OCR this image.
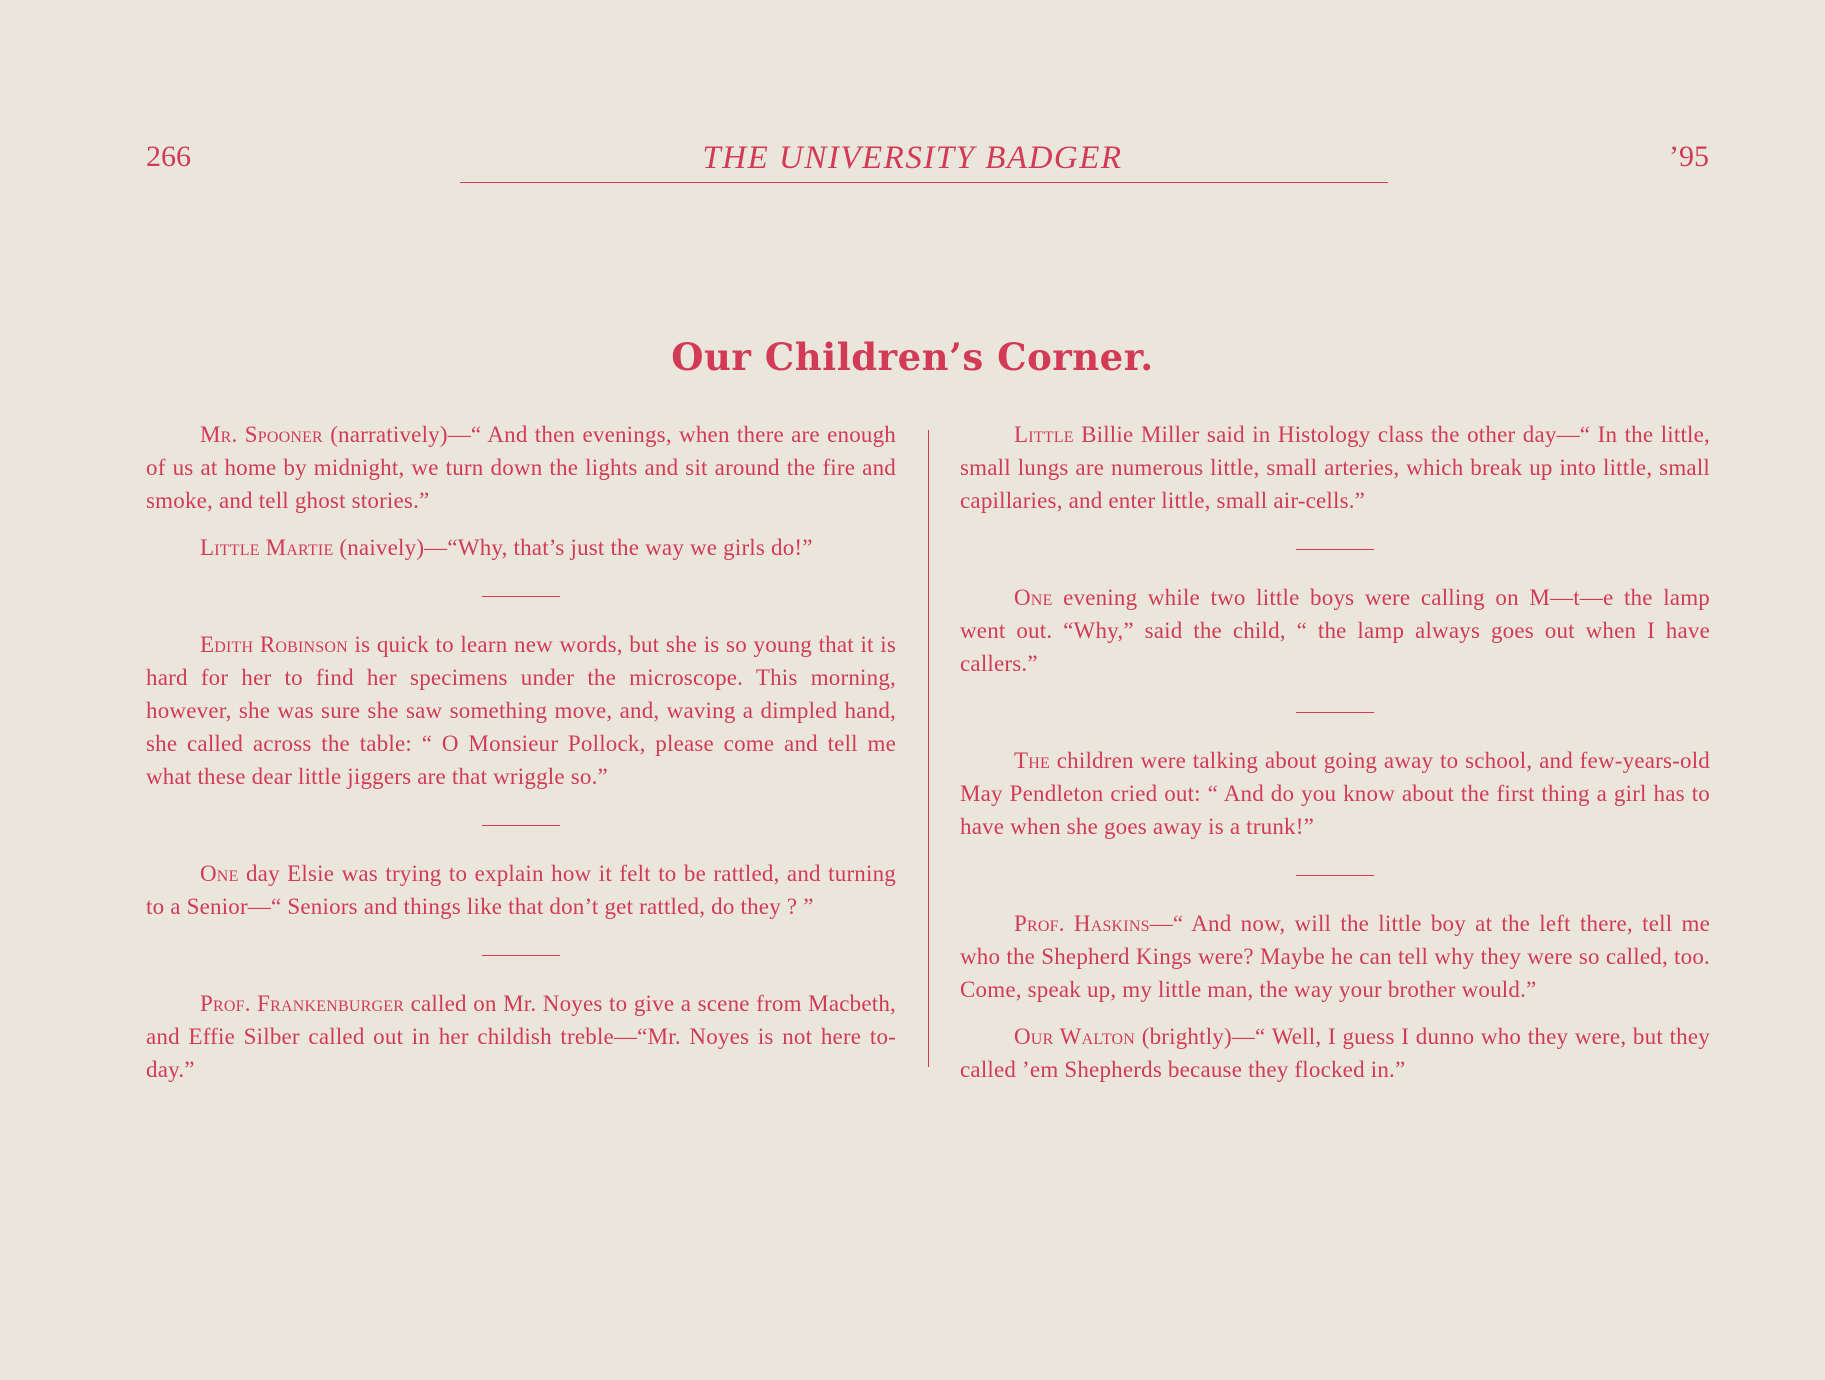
266	THE UNIVERSITY BADGER	’95
Our Children’s Corner.

Mr. Spooner (narratively)—“ And then evenings, when there are enough of us at home by midnight, we turn down the lights and sit around the fire and smoke, and tell ghost stories.”

Little Martie (naively)—“Why, that’s just the way we girls do!”

Edith Robinson is quick to learn new words, but she is so young that it is hard for her to find her specimens under the microscope. This morning, however, she was sure she saw something move, and, waving a dimpled hand, she called across the table: “ O Monsieur Pollock, please come and tell me what these dear little jiggers are that wriggle so.”

One day Elsie was trying to explain how it felt to be rattled, and turning to a Senior—“ Seniors and things like that don’t get rattled, do they ? ”

Prof. Frankenburger called on Mr. Noyes to give a scene from Macbeth, and Effie Silber called out in her childish treble—“Mr. Noyes is not here to-day.”

Little Billie Miller said in Histology class the other day—“ In the little, small lungs are numerous little, small arteries, which break up into little, small capillaries, and enter little, small air-cells.”

One evening while two little boys were calling on M—t—e the lamp went out. “Why,” said the child, “ the lamp always goes out when I have callers.”

The children were talking about going away to school, and few-years-old May Pendleton cried out: “ And do you know about the first thing a girl has to have when she goes away is a trunk!”

Prof. Haskins—“ And now, will the little boy at the left there, tell me who the Shepherd Kings were? Maybe he can tell why they were so called, too. Come, speak up, my little man, the way your brother would.”

Our Walton (brightly)—“ Well, I guess I dunno who they were, but they called ’em Shepherds because they flocked in.”
